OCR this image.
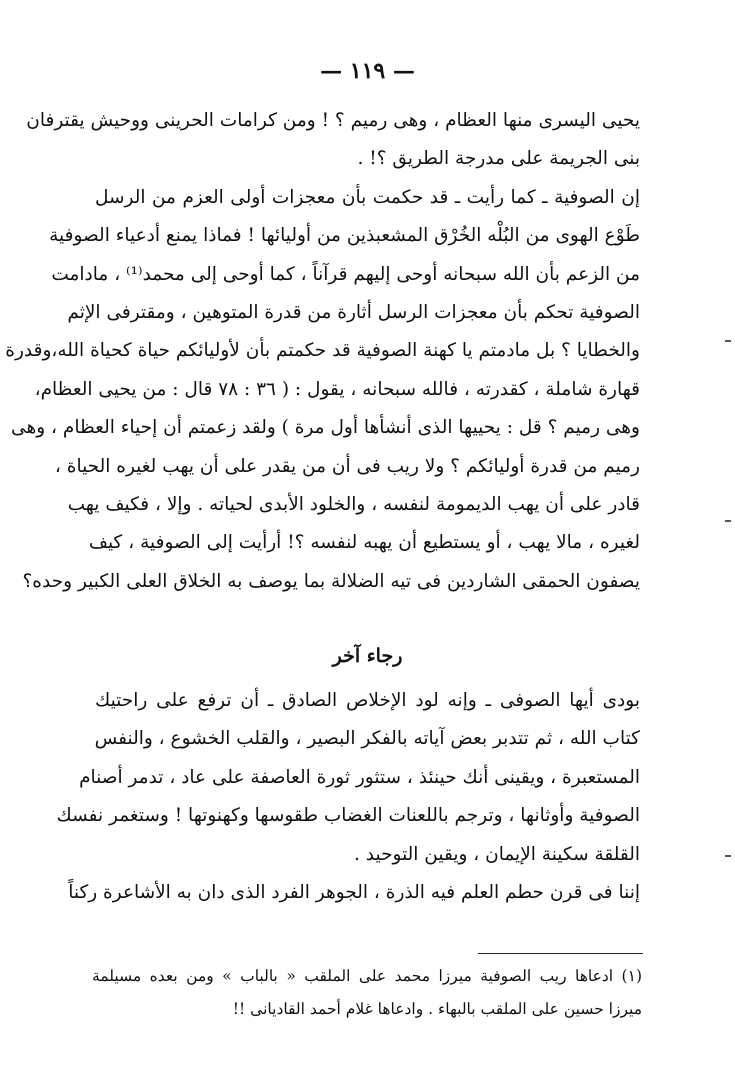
— ١١٩ —
يحيى اليسرى منها العظام ، وهى رميم ؟ ! ومن كرامات الحرينى ووحيش يقترفان
بنى الجريمة على مدرجة الطريق ؟! .
إن الصوفية ـ كما رأيت ـ قد حكمت بأن معجزات أولى العزم من الرسل
طَوْع الهوى من البُلْه الخُرْق المشعبذين من أوليائها ! فماذا يمنع أدعياء الصوفية
من الزعم بأن الله سبحانه أوحى إليهم قرآناً ، كما أوحى إلى محمد⁽¹⁾ ، مادامت
الصوفية تحكم بأن معجزات الرسل أثارة من قدرة المتوهين ، ومقترفى الإثم
والخطايا ؟ بل مادمتم يا كهنة الصوفية قد حكمتم بأن لأوليائكم حياة كحياة الله،وقدرة
قهارة شاملة ، كقدرته ، فالله سبحانه ، يقول : ( ٣٦ : ٧٨ قال : من يحيى العظام،
وهى رميم ؟ قل : يحييها الذى أنشأها أول مرة ) ولقد زعمتم أن إحياء العظام ، وهى
رميم من قدرة أوليائكم ؟ ولا ريب فى أن من يقدر على أن يهب لغيره الحياة ،
قادر على أن يهب الديمومة لنفسه ، والخلود الأبدى لحياته . وإلا ، فكيف يهب
لغيره ، مالا يهب ، أو يستطيع أن يهبه لنفسه ؟! أرأيت إلى الصوفية ، كيف
يصفون الحمقى الشاردين فى تيه الضلالة بما يوصف به الخلاق العلى الكبير وحده؟
رجاء آخر
بودى أيها الصوفى ـ وإنه لود الإخلاص الصادق ـ أن ترفع على راحتيك
كتاب الله ، ثم تتدبر بعض آياته بالفكر البصير ، والقلب الخشوع ، والنفس
المستعبرة ، ويقينى أنك حينئذ ، ستثور ثورة العاصفة على عاد ، تدمر أصنام
الصوفية وأوثانها ، وترجم باللعنات الغضاب طقوسها وكهنوتها ! وستغمر نفسك
القلقة سكينة الإيمان ، ويقين التوحيد .
إننا فى قرن حطم العلم فيه الذرة ، الجوهر الفرد الذى دان به الأشاعرة ركناً
(١) ادعاها ريب الصوفية ميرزا محمد على الملقب « بالباب » ومن بعده مسيلمة
ميرزا حسين على الملقب بالبهاء . وادعاها غلام أحمد القاديانى !!
